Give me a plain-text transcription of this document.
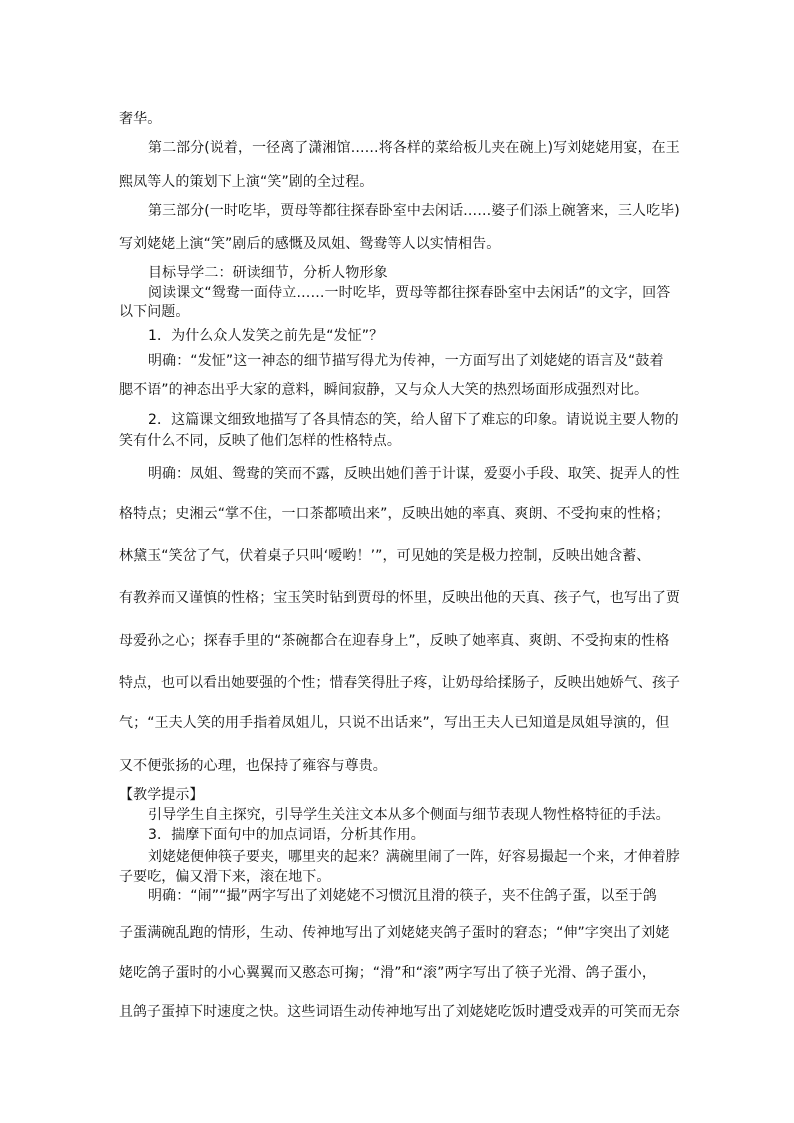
奢华。

第二部分(说着，一径离了潇湘馆……将各样的菜给板儿夹在碗上)写刘姥姥用宴，在王

熙凤等人的策划下上演“笑”剧的全过程。

第三部分(一时吃毕，贾母等都往探春卧室中去闲话……婆子们添上碗箸来，三人吃毕)

写刘姥姥上演“笑”剧后的感慨及凤姐、鸳鸯等人以实情相告。

目标导学二：研读细节，分析人物形象

阅读课文“鸳鸯一面侍立……一时吃毕，贾母等都往探春卧室中去闲话”的文字，回答

以下问题。

1．为什么众人发笑之前先是“发怔”？

明确：“发怔”这一神态的细节描写得尤为传神，一方面写出了刘姥姥的语言及“鼓着

腮不语”的神态出乎大家的意料，瞬间寂静，又与众人大笑的热烈场面形成强烈对比。

2．这篇课文细致地描写了各具情态的笑，给人留下了难忘的印象。请说说主要人物的

笑有什么不同，反映了他们怎样的性格特点。

明确：凤姐、鸳鸯的笑而不露，反映出她们善于计谋，爱耍小手段、取笑、捉弄人的性

格特点；史湘云“掌不住，一口茶都喷出来”，反映出她的率真、爽朗、不受拘束的性格；

林黛玉“笑岔了气，伏着桌子只叫‘嗳哟！’”，可见她的笑是极力控制，反映出她含蓄、

有教养而又谨慎的性格；宝玉笑时钻到贾母的怀里，反映出他的天真、孩子气，也写出了贾

母爱孙之心；探春手里的“茶碗都合在迎春身上”，反映了她率真、爽朗、不受拘束的性格

特点，也可以看出她要强的个性；惜春笑得肚子疼，让奶母给揉肠子，反映出她娇气、孩子

气；“王夫人笑的用手指着凤姐儿，只说不出话来”，写出王夫人已知道是凤姐导演的，但

又不便张扬的心理，也保持了雍容与尊贵。

【教学提示】

引导学生自主探究，引导学生关注文本从多个侧面与细节表现人物性格特征的手法。

3．揣摩下面句中的加点词语，分析其作用。

刘姥姥便伸筷子要夹，哪里夹的起来？满碗里闹了一阵，好容易撮起一个来，才伸着脖

子要吃，偏又滑下来，滚在地下。

明确：“闹”“撮”两字写出了刘姥姥不习惯沉且滑的筷子，夹不住鸽子蛋，以至于鸽

子蛋满碗乱跑的情形，生动、传神地写出了刘姥姥夹鸽子蛋时的窘态；“伸”字突出了刘姥

姥吃鸽子蛋时的小心翼翼而又憨态可掬；“滑”和“滚”两字写出了筷子光滑、鸽子蛋小，

且鸽子蛋掉下时速度之快。这些词语生动传神地写出了刘姥姥吃饭时遭受戏弄的可笑而无奈
